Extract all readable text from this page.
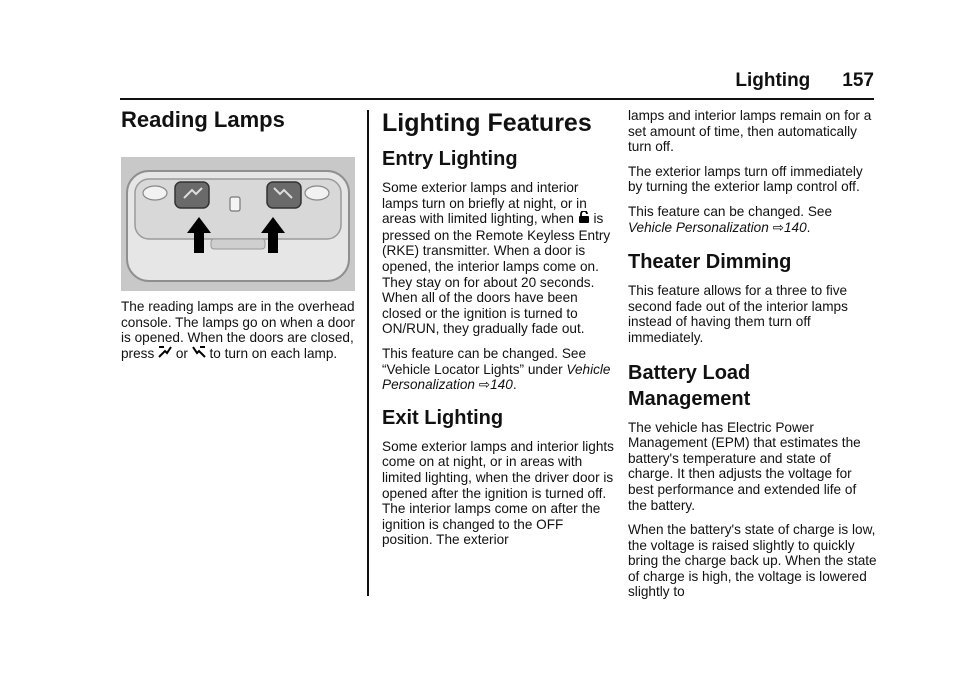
Lighting 157
Reading Lamps

The reading lamps are in the overhead console. The lamps go on when a door is opened. When the doors are closed, press or to turn on each lamp.

Lighting Features
Entry Lighting

Some exterior lamps and interior lamps turn on briefly at night, or in areas with limited lighting, when is pressed on the Remote Keyless Entry (RKE) transmitter. When a door is opened, the interior lamps come on. They stay on for about 20 seconds. When all of the doors have been closed or the ignition is turned to ON/RUN, they gradually fade out.

This feature can be changed. See “Vehicle Locator Lights” under Vehicle Personalization ⇨140.

Exit Lighting

Some exterior lamps and interior lights come on at night, or in areas with limited lighting, when the driver door is opened after the ignition is turned off. The interior lamps come on after the ignition is changed to the OFF position. The exterior

lamps and interior lamps remain on for a set amount of time, then automatically turn off.

The exterior lamps turn off immediately by turning the exterior lamp control off.

This feature can be changed. See Vehicle Personalization ⇨140.

Theater Dimming

This feature allows for a three to five second fade out of the interior lamps instead of having them turn off immediately.

Battery Load
Management

The vehicle has Electric Power Management (EPM) that estimates the battery's temperature and state of charge. It then adjusts the voltage for best performance and extended life of the battery.

When the battery's state of charge is low, the voltage is raised slightly to quickly bring the charge back up. When the state of charge is high, the voltage is lowered slightly to
